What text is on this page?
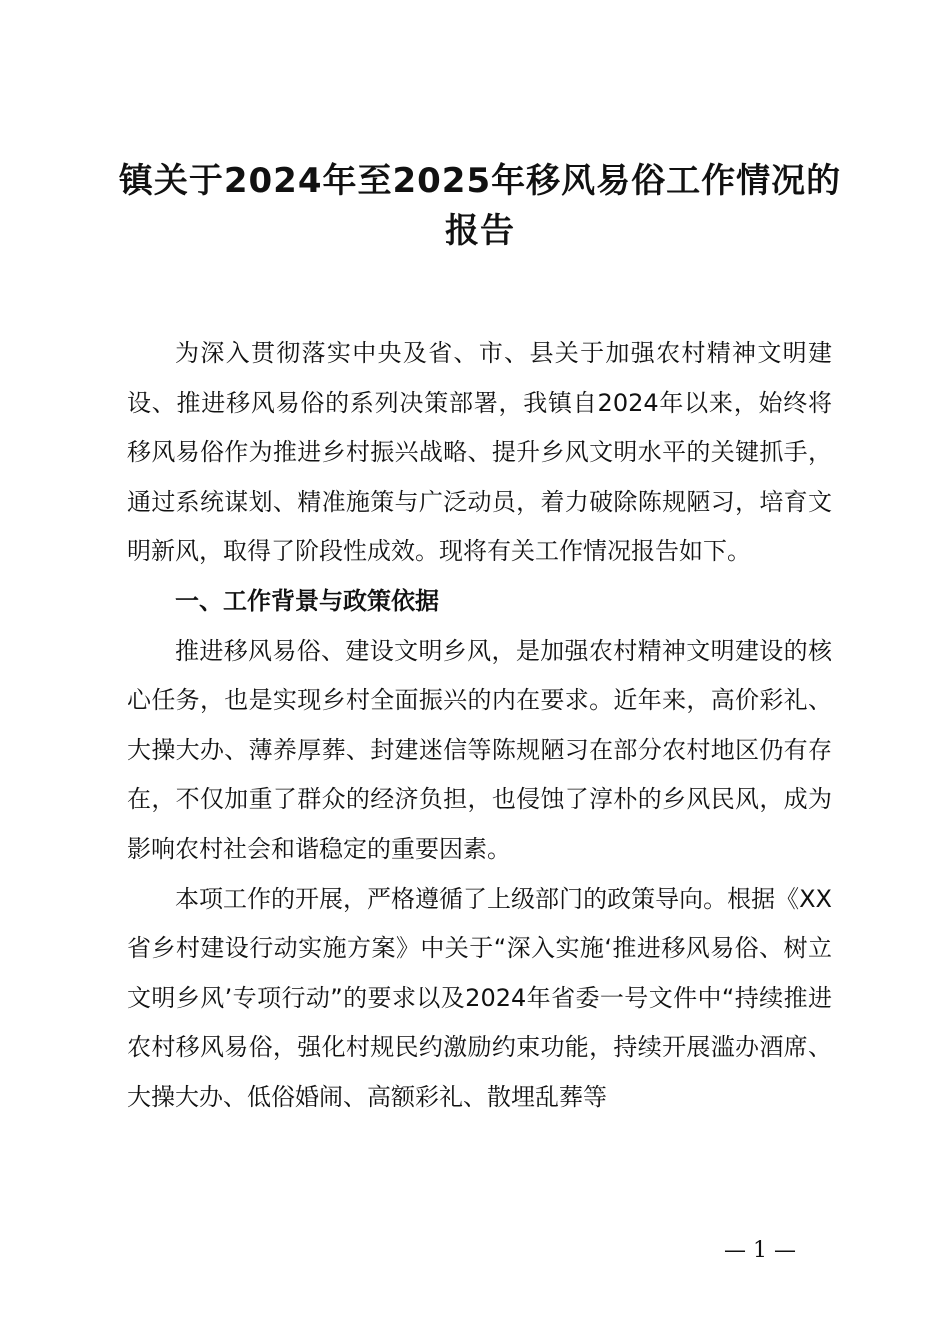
镇关于2024年至2025年移风易俗工作情况的
报告

为深入贯彻落实中央及省、市、县关于加强农村精神文明建设、推进移风易俗的系列决策部署，我镇自2024年以来，始终将移风易俗作为推进乡村振兴战略、提升乡风文明水平的关键抓手，通过系统谋划、精准施策与广泛动员，着力破除陈规陋习，培育文明新风，取得了阶段性成效。现将有关工作情况报告如下。

一、工作背景与政策依据

推进移风易俗、建设文明乡风，是加强农村精神文明建设的核心任务，也是实现乡村全面振兴的内在要求。近年来，高价彩礼、大操大办、薄养厚葬、封建迷信等陈规陋习在部分农村地区仍有存在，不仅加重了群众的经济负担，也侵蚀了淳朴的乡风民风，成为影响农村社会和谐稳定的重要因素。

本项工作的开展，严格遵循了上级部门的政策导向。根据《XX省乡村建设行动实施方案》中关于“深入实施‘推进移风易俗、树立文明乡风’专项行动”的要求以及2024年省委一号文件中“持续推进农村移风易俗，强化村规民约激励约束功能，持续开展滥办酒席、大操大办、低俗婚闹、高额彩礼、散埋乱葬等

— 1 —
